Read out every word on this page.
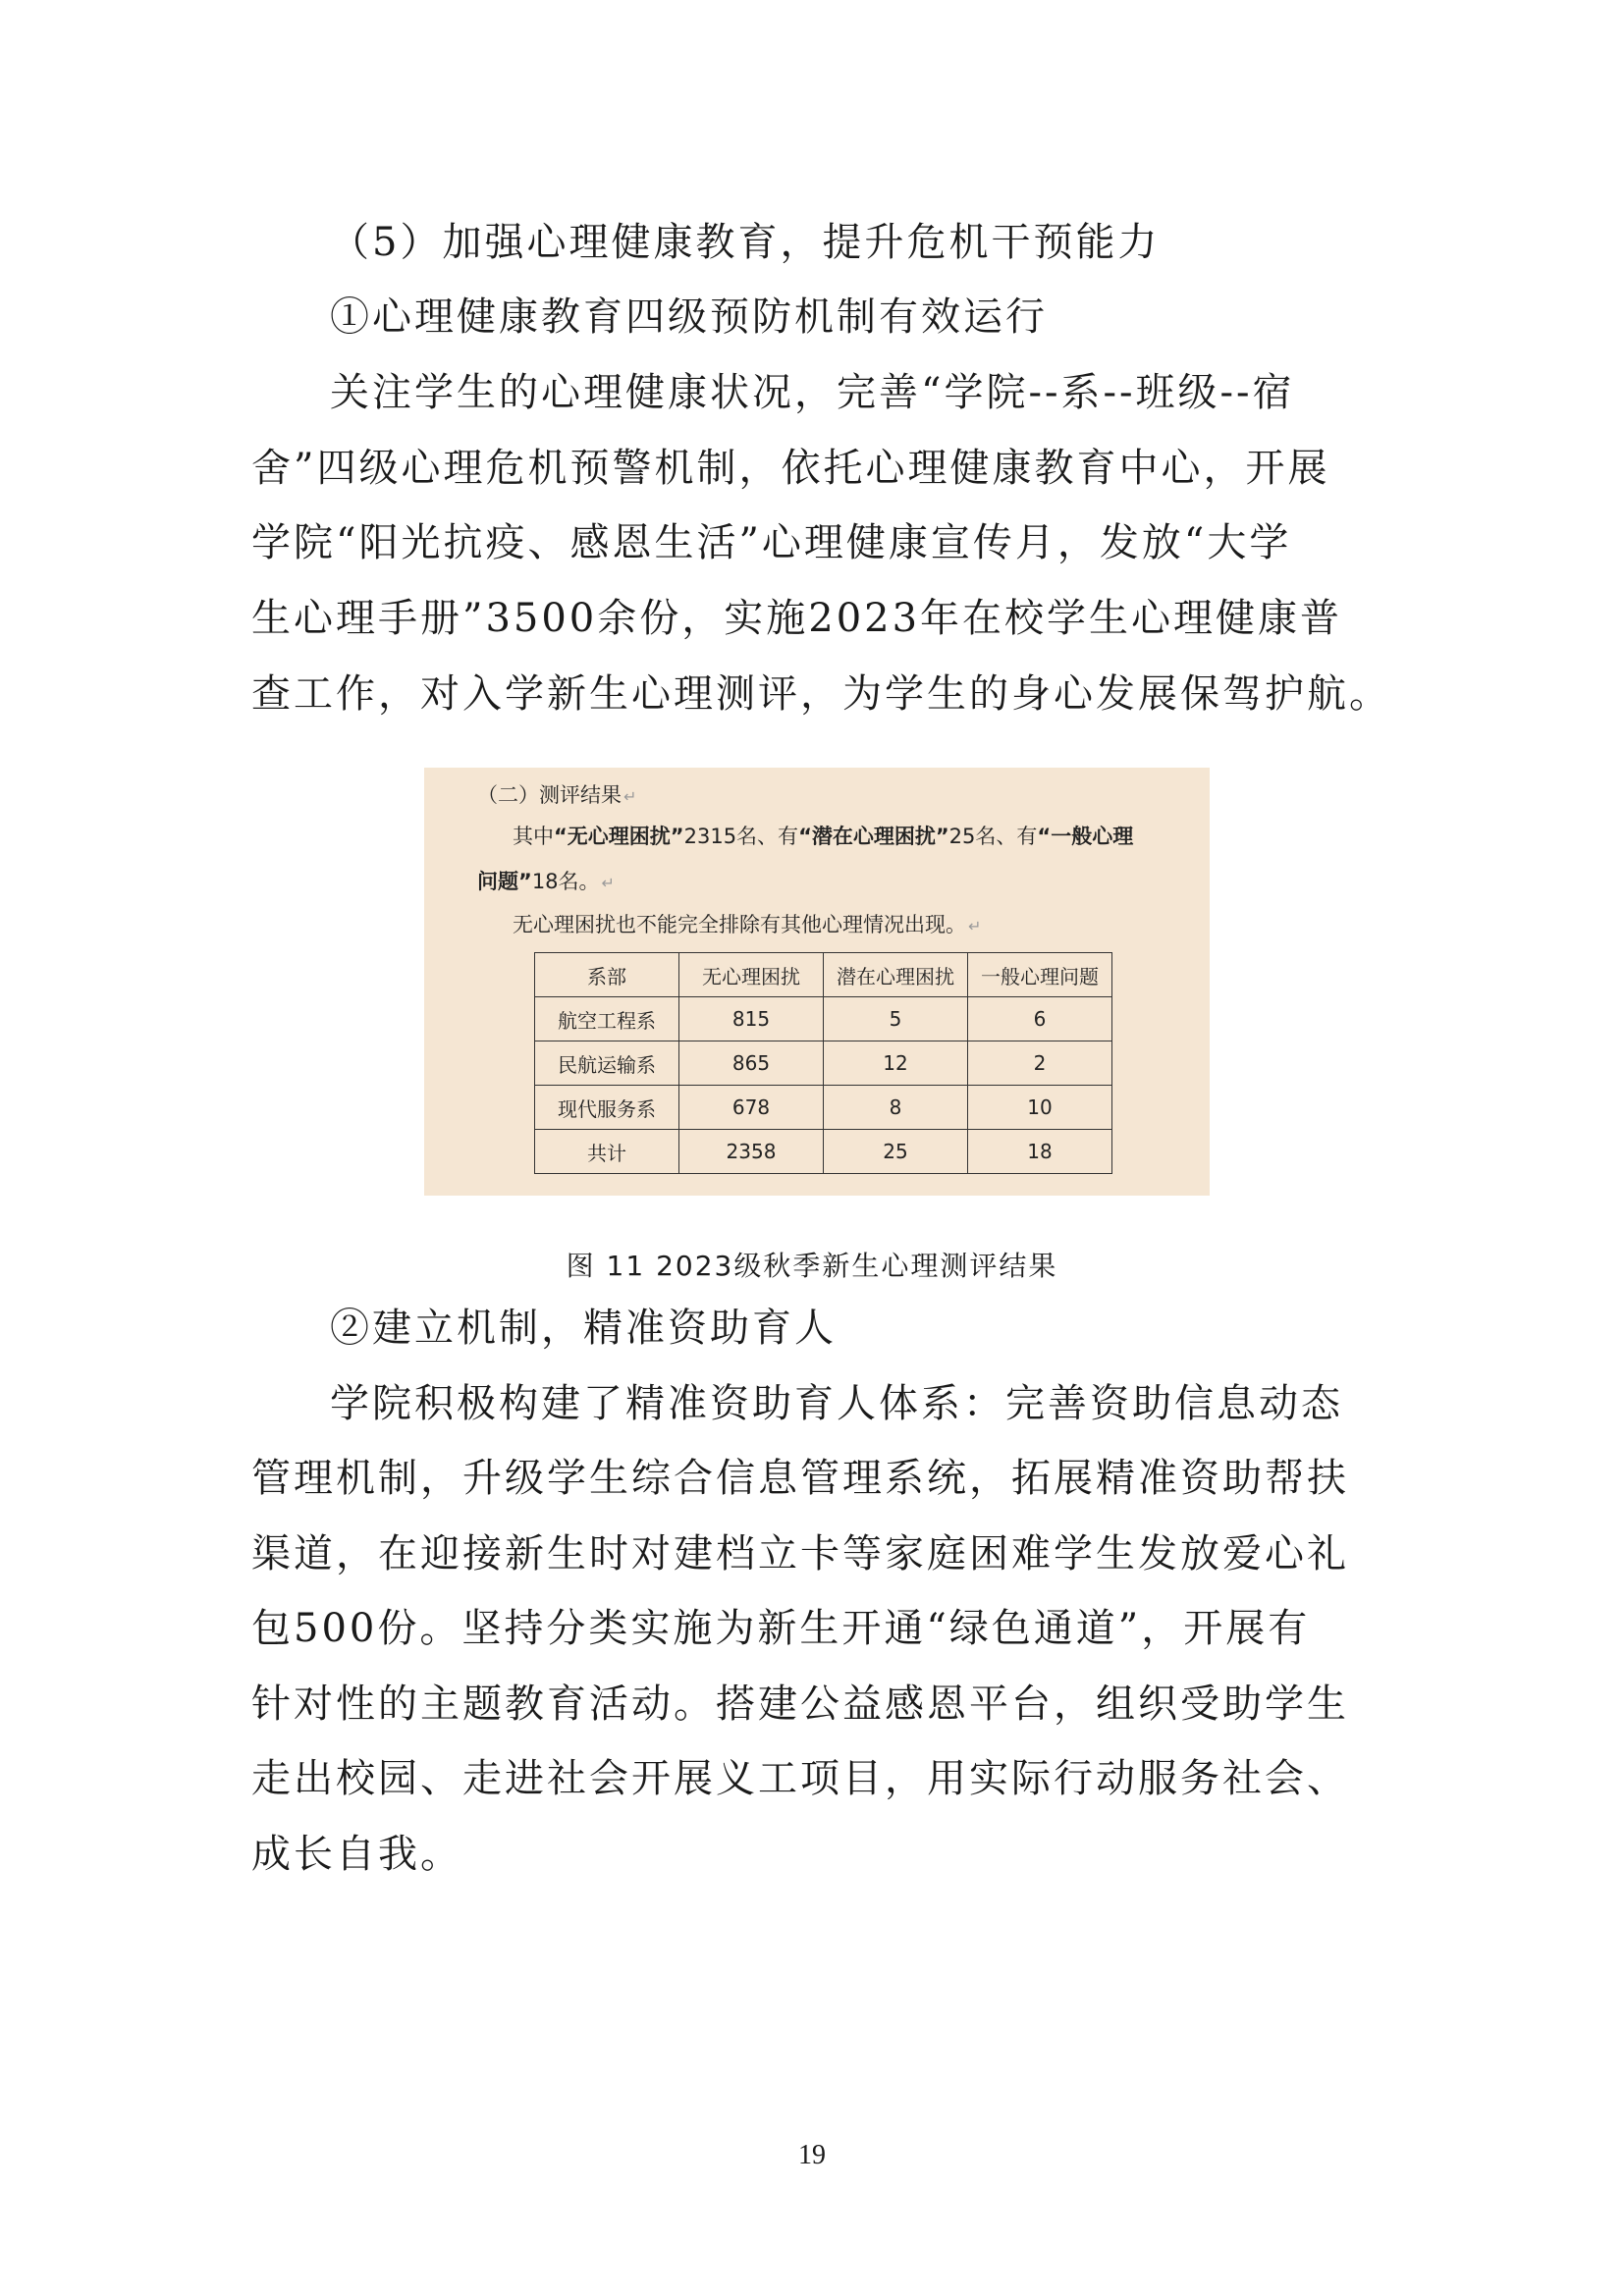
（5）加强心理健康教育，提升危机干预能力
①心理健康教育四级预防机制有效运行
关注学生的心理健康状况，完善“学院--系--班级--宿
舍”四级心理危机预警机制，依托心理健康教育中心，开展
学院“阳光抗疫、感恩生活”心理健康宣传月，发放“大学
生心理手册”3500余份，实施2023年在校学生心理健康普
查工作，对入学新生心理测评，为学生的身心发展保驾护航。
（二）测评结果 ↵
其中“无心理困扰”2315名、有“潜在心理困扰”25名、有“一般心理
问题”18名。 ↵
无心理困扰也不能完全排除有其他心理情况出现。 ↵
系部	无心理困扰	潜在心理困扰	一般心理问题
航空工程系	815	5	6
民航运输系	865	12	2
现代服务系	678	8	10
共计	2358	25	18
图 11 2023级秋季新生心理测评结果
②建立机制，精准资助育人
学院积极构建了精准资助育人体系：完善资助信息动态
管理机制，升级学生综合信息管理系统，拓展精准资助帮扶
渠道，在迎接新生时对建档立卡等家庭困难学生发放爱心礼
包500份。坚持分类实施为新生开通“绿色通道”，开展有
针对性的主题教育活动。搭建公益感恩平台，组织受助学生
走出校园、走进社会开展义工项目，用实际行动服务社会、
成长自我。
19
